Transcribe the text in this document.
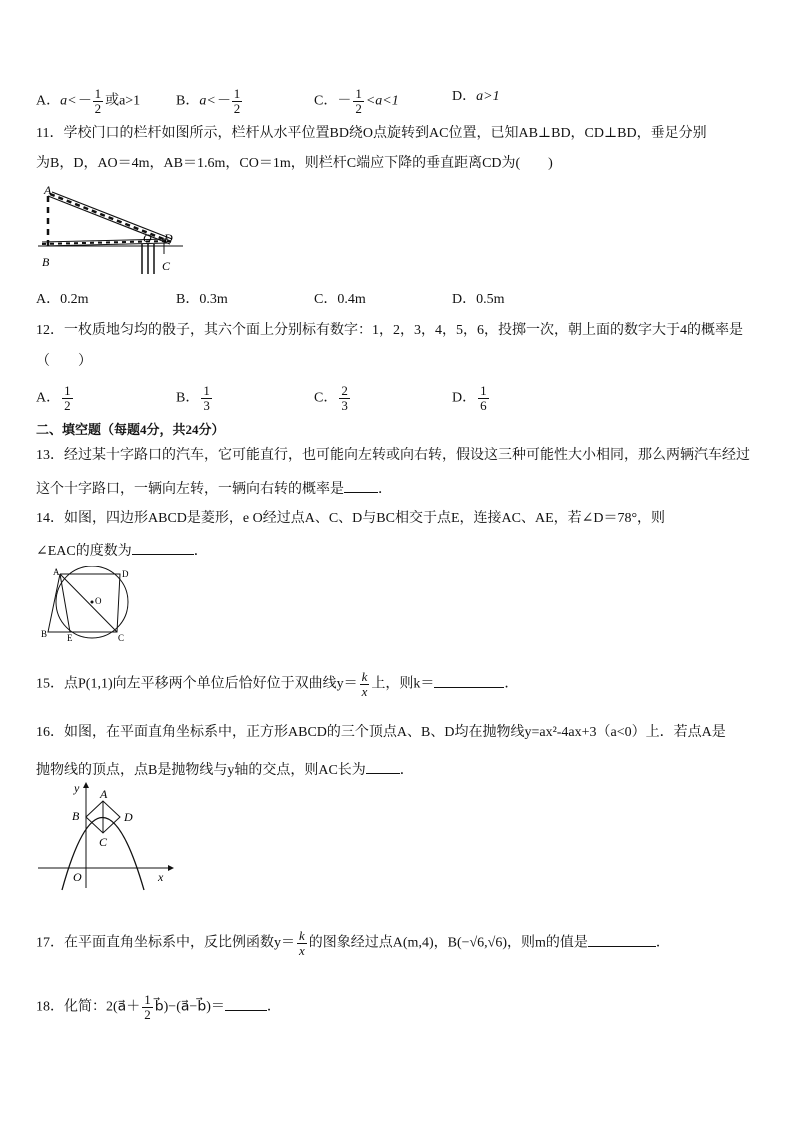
A．$a<- \frac{1}{2}$ 或a>1	B．$a<- \frac{1}{2}$	C．－ $\frac{1}{2} <a<1$	D．a>1
11．学校门口的栏杆如图所示，栏杆从水平位置BD绕O点旋转到AC位置，已知AB⊥BD，CD⊥BD，垂足分别
为B，D，AO＝4m，AB＝1.6m，CO＝1m，则栏杆C端应下降的垂直距离CD为(　　)
A
B
O D
C
A．0.2m	B．0.3m	C．0.4m	D．0.5m
12．一枚质地匀均的骰子，其六个面上分别标有数字：1，2，3，4，5，6，投掷一次，朝上面的数字大于4的概率是
（　　）
A． $\frac{1}{2}$	B． $\frac{1}{3}$	C． $\frac{2}{3}$	D． $\frac{1}{6}$
二、填空题（每题4分，共24分）
13．经过某十字路口的汽车，它可能直行，也可能向左转或向右转，假设这三种可能性大小相同，那么两辆汽车经过
这个十字路口，一辆向左转，一辆向右转的概率是 ．
14．如图，四边形ABCD是菱形，e O经过点A、C、D与BC相交于点E，连接AC、AE，若∠D＝78°，则
∠EAC的度数为	．
A	D
O
B E	C
15．点P(1,1)向左平移两个单位后恰好位于双曲线$y= \frac{k}{x}$ 上，则k＝	．
16．如图，在平面直角坐标系中，正方形ABCD的三个顶点A、B、D均在抛物线y=ax²-4ax+3（a<0）上．若点A是
抛物线的顶点，点B是抛物线与y轴的交点，则AC长为 ．
y A
B	D
C
O	x
17．在平面直角坐标系中，反比例函数$y= \frac{k}{x}$ 的图象经过点A(m,4)，B(−√6,√6)，则m的值是	．
18．化简：2(a⃗＋ $\frac{1}{2}$ b⃗)−(a⃗−b⃗)＝	．
